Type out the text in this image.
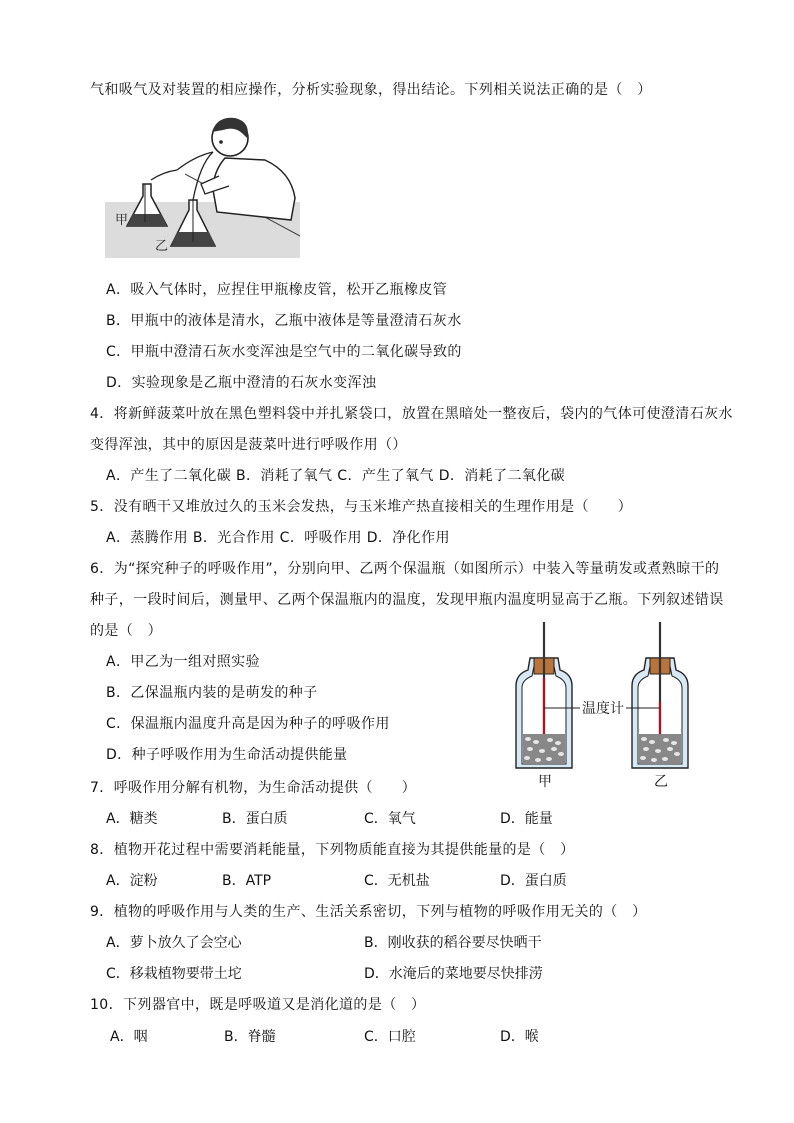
气和吸气及对装置的相应操作，分析实验现象，得出结论。下列相关说法正确的是（　）
甲
乙
A．吸入气体时，应捏住甲瓶橡皮管，松开乙瓶橡皮管
B．甲瓶中的液体是清水，乙瓶中液体是等量澄清石灰水
C．甲瓶中澄清石灰水变浑浊是空气中的二氧化碳导致的
D．实验现象是乙瓶中澄清的石灰水变浑浊
4．将新鲜菠菜叶放在黑色塑料袋中并扎紧袋口，放置在黑暗处一整夜后，袋内的气体可使澄清石灰水
变得浑浊，其中的原因是菠菜叶进行呼吸作用（）
A．产生了二氧化碳 B．消耗了氧气 C．产生了氧气 D．消耗了二氧化碳
5．没有晒干又堆放过久的玉米会发热，与玉米堆产热直接相关的生理作用是（　　）
A．蒸腾作用 B．光合作用 C．呼吸作用 D．净化作用
6．为“探究种子的呼吸作用”，分别向甲、乙两个保温瓶（如图所示）中装入等量萌发或煮熟晾干的
种子，一段时间后，测量甲、乙两个保温瓶内的温度，发现甲瓶内温度明显高于乙瓶。下列叙述错误
的是（　）
A．甲乙为一组对照实验
B．乙保温瓶内装的是萌发的种子
C．保温瓶内温度升高是因为种子的呼吸作用
D．种子呼吸作用为生命活动提供能量
温度计
甲	乙
7．呼吸作用分解有机物，为生命活动提供（　　）
A．糖类	B．蛋白质	C．氧气	D．能量
8．植物开花过程中需要消耗能量，下列物质能直接为其提供能量的是（　）
A．淀粉	B．ATP	C．无机盐	D．蛋白质
9．植物的呼吸作用与人类的生产、生活关系密切，下列与植物的呼吸作用无关的（　）
A．萝卜放久了会空心	B．刚收获的稻谷要尽快晒干
C．移栽植物要带土坨	D．水淹后的菜地要尽快排涝
10．下列器官中，既是呼吸道又是消化道的是（　）
A．咽	B．脊髓	C．口腔	D．喉
